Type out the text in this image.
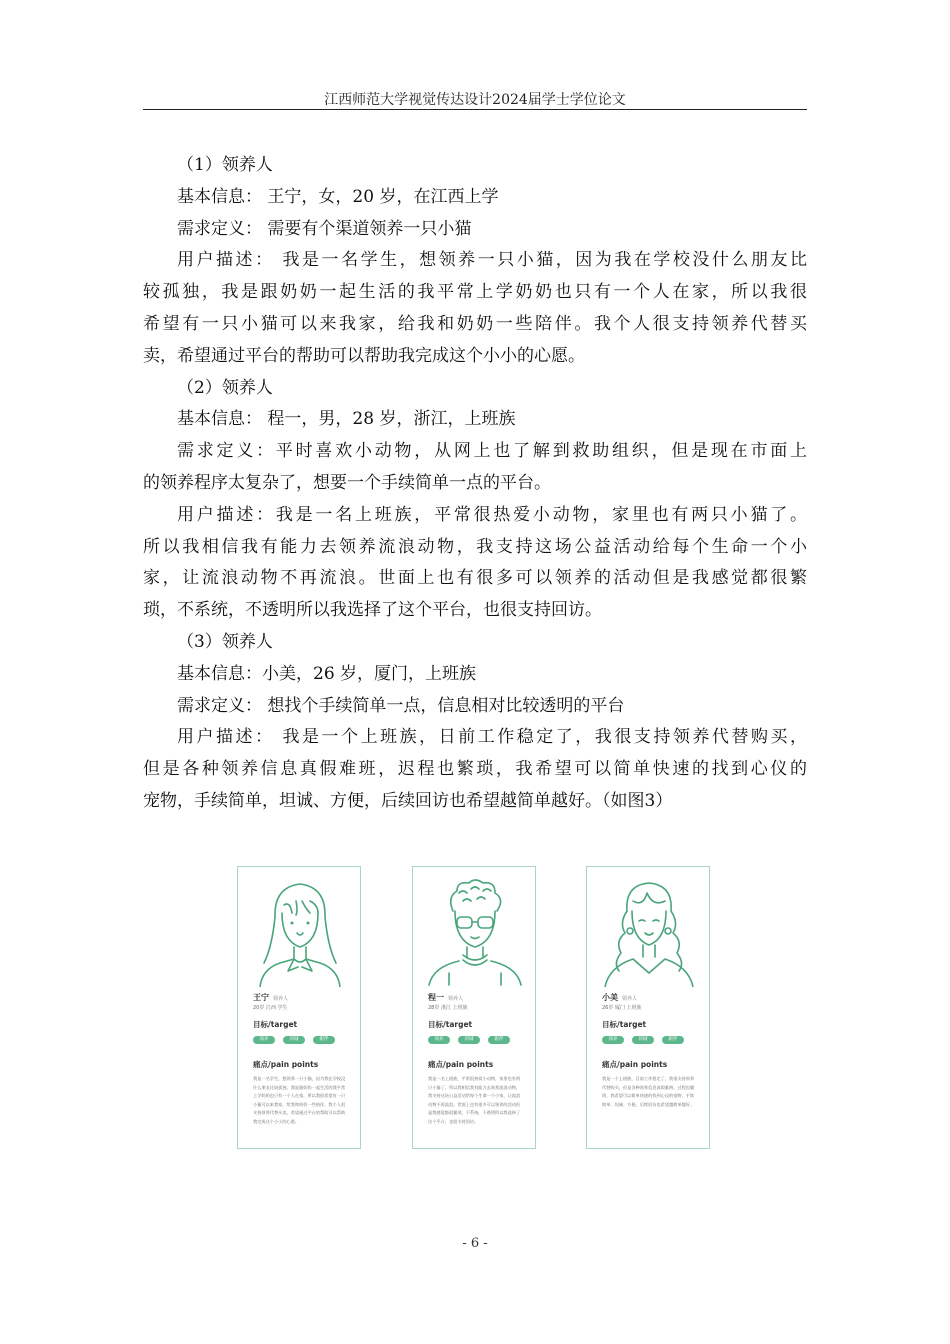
江西师范大学视觉传达设计2024届学士学位论文

（1）领养人

基本信息： 王宁，女，20 岁，在江西上学

需求定义： 需要有个渠道领养一只小猫

用户描述： 我是一名学生，想领养一只小猫，因为我在学校没什么朋友比

较孤独，我是跟奶奶一起生活的我平常上学奶奶也只有一个人在家，所以我很

希望有一只小猫可以来我家，给我和奶奶一些陪伴。我个人很支持领养代替买

卖，希望通过平台的帮助可以帮助我完成这个小小的心愿。

（2）领养人

基本信息： 程一，男，28 岁，浙江，上班族

需求定义：平时喜欢小动物，从网上也了解到救助组织，但是现在市面上

的领养程序太复杂了，想要一个手续简单一点的平台。

用户描述：我是一名上班族，平常很热爱小动物，家里也有两只小猫了。

所以我相信我有能力去领养流浪动物，我支持这场公益活动给每个生命一个小

家，让流浪动物不再流浪。世面上也有很多可以领养的活动但是我感觉都很繁

琐，不系统，不透明所以我选择了这个平台，也很支持回访。

（3）领养人

基本信息：小美，26 岁，厦门，上班族

需求定义： 想找个手续简单一点，信息相对比较透明的平台

用户描述： 我是一个上班族，日前工作稳定了，我很支持领养代替购买，

但是各种领养信息真假难班，迟程也繁琐，我希望可以简单快速的找到心仪的

宠物，手续简单，坦诚、方便，后续回访也希望越简单越好。（如图3）

王宁 领养人
20岁 江西 学生
目标/target
领养	同城	跟伴
痛点/pain points
我是一名学生，想领养一只小猫，因为我在学校没什么朋友比较孤独，我是跟奶奶一起生活的我平常上学奶奶也只有一个人在家，所以我很希望有一只小猫可以来我家，给我和奶奶一些陪伴。我个人很支持领养代替买卖，希望通过平台的帮助可以帮助我完成这个小小的心愿。
程一 领养人
28岁 浙江 上班族
目标/target
领养	同城	跟伴
痛点/pain points
我是一名上班族，平常很热爱小动物，家里也有两只小猫了，所以我相信我有能力去领养流浪动物，我支持这场公益活动给每个生命一个小家，让流浪动物不再流浪。世面上也有很多可以领养的活动但是我感觉都很繁琐，不系统，不透明所以我选择了这个平台，也很支持回访。
小美 领养人
26岁 厦门 上班族
目标/target
领养	同城	跟伴
痛点/pain points
我是一个上班族，目前工作稳定了，我很支持领养代替购买，但是各种领养信息真假难辨，过程也繁琐，我希望可以简单快速的找到心仪的宠物，手续简单，坦诚、方便，后续回访也希望越简单越好。
- 6 -
